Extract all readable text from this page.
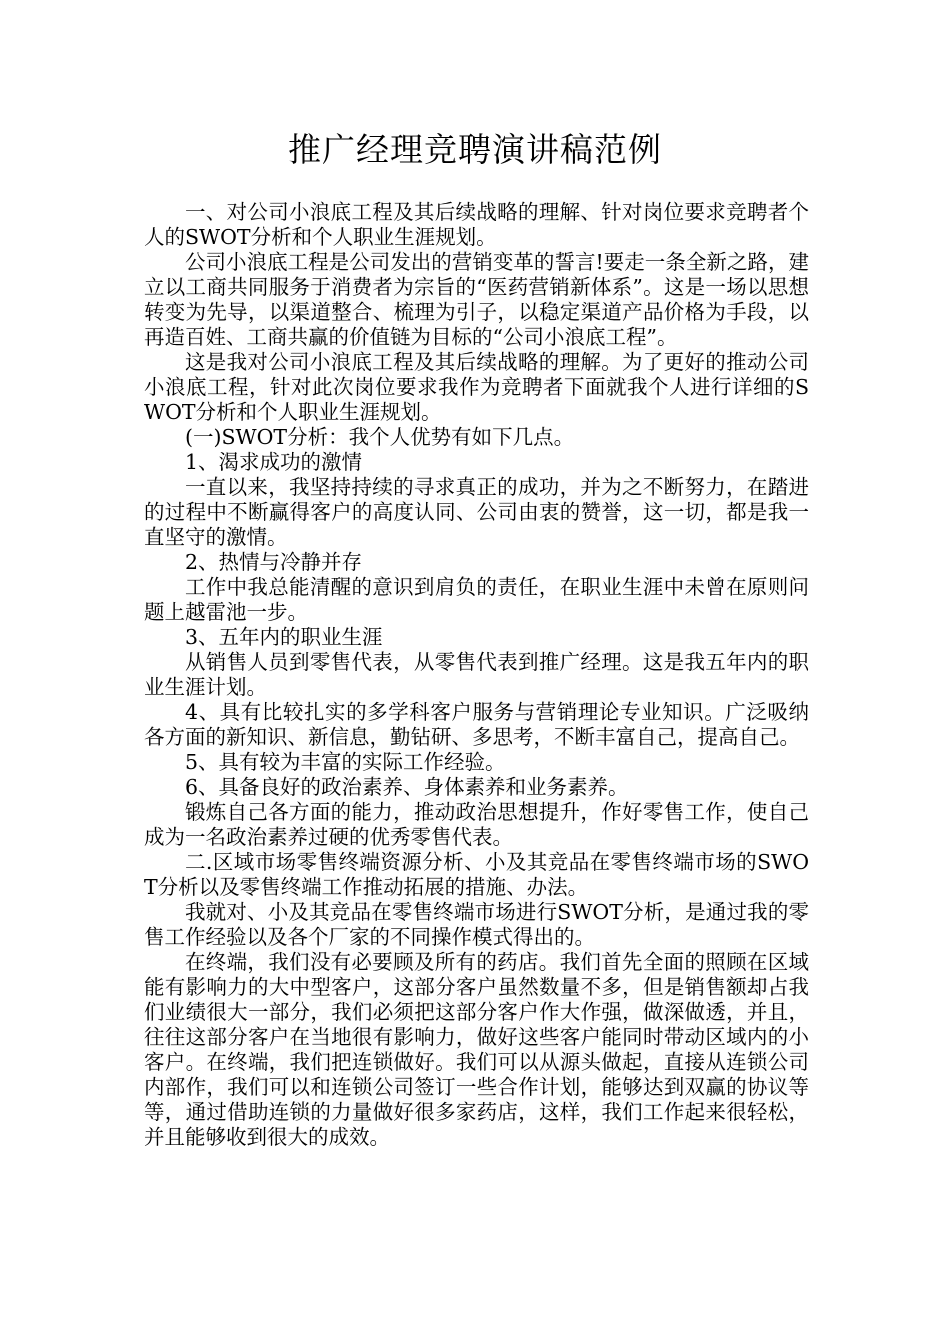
推广经理竞聘演讲稿范例

一、对公司小浪底工程及其后续战略的理解、针对岗位要求竞聘者个人的SWOT分析和个人职业生涯规划。

公司小浪底工程是公司发出的营销变革的誓言!要走一条全新之路，建立以工商共同服务于消费者为宗旨的“医药营销新体系”。这是一场以思想转变为先导，以渠道整合、梳理为引子，以稳定渠道产品价格为手段，以再造百姓、工商共赢的价值链为目标的“公司小浪底工程”。

这是我对公司小浪底工程及其后续战略的理解。为了更好的推动公司小浪底工程，针对此次岗位要求我作为竞聘者下面就我个人进行详细的SWOT分析和个人职业生涯规划。

(一)SWOT分析：我个人优势有如下几点。

1、渴求成功的激情

一直以来，我坚持持续的寻求真正的成功，并为之不断努力，在踏进的过程中不断赢得客户的高度认同、公司由衷的赞誉，这一切，都是我一直坚守的激情。

2、热情与冷静并存

工作中我总能清醒的意识到肩负的责任，在职业生涯中未曾在原则问题上越雷池一步。

3、五年内的职业生涯

从销售人员到零售代表，从零售代表到推广经理。这是我五年内的职业生涯计划。

4、具有比较扎实的多学科客户服务与营销理论专业知识。广泛吸纳各方面的新知识、新信息，勤钻研、多思考，不断丰富自己，提高自己。

5、具有较为丰富的实际工作经验。

6、具备良好的政治素养、身体素养和业务素养。

锻炼自己各方面的能力，推动政治思想提升，作好零售工作，使自己成为一名政治素养过硬的优秀零售代表。

二.区域市场零售终端资源分析、小及其竞品在零售终端市场的SWOT分析以及零售终端工作推动拓展的措施、办法。

我就对、小及其竞品在零售终端市场进行SWOT分析，是通过我的零售工作经验以及各个厂家的不同操作模式得出的。

在终端，我们没有必要顾及所有的药店。我们首先全面的照顾在区域能有影响力的大中型客户，这部分客户虽然数量不多，但是销售额却占我们业绩很大一部分，我们必须把这部分客户作大作强，做深做透，并且，往往这部分客户在当地很有影响力，做好这些客户能同时带动区域内的小客户。在终端，我们把连锁做好。我们可以从源头做起，直接从连锁公司内部作，我们可以和连锁公司签订一些合作计划，能够达到双赢的协议等等，通过借助连锁的力量做好很多家药店，这样，我们工作起来很轻松，并且能够收到很大的成效。
